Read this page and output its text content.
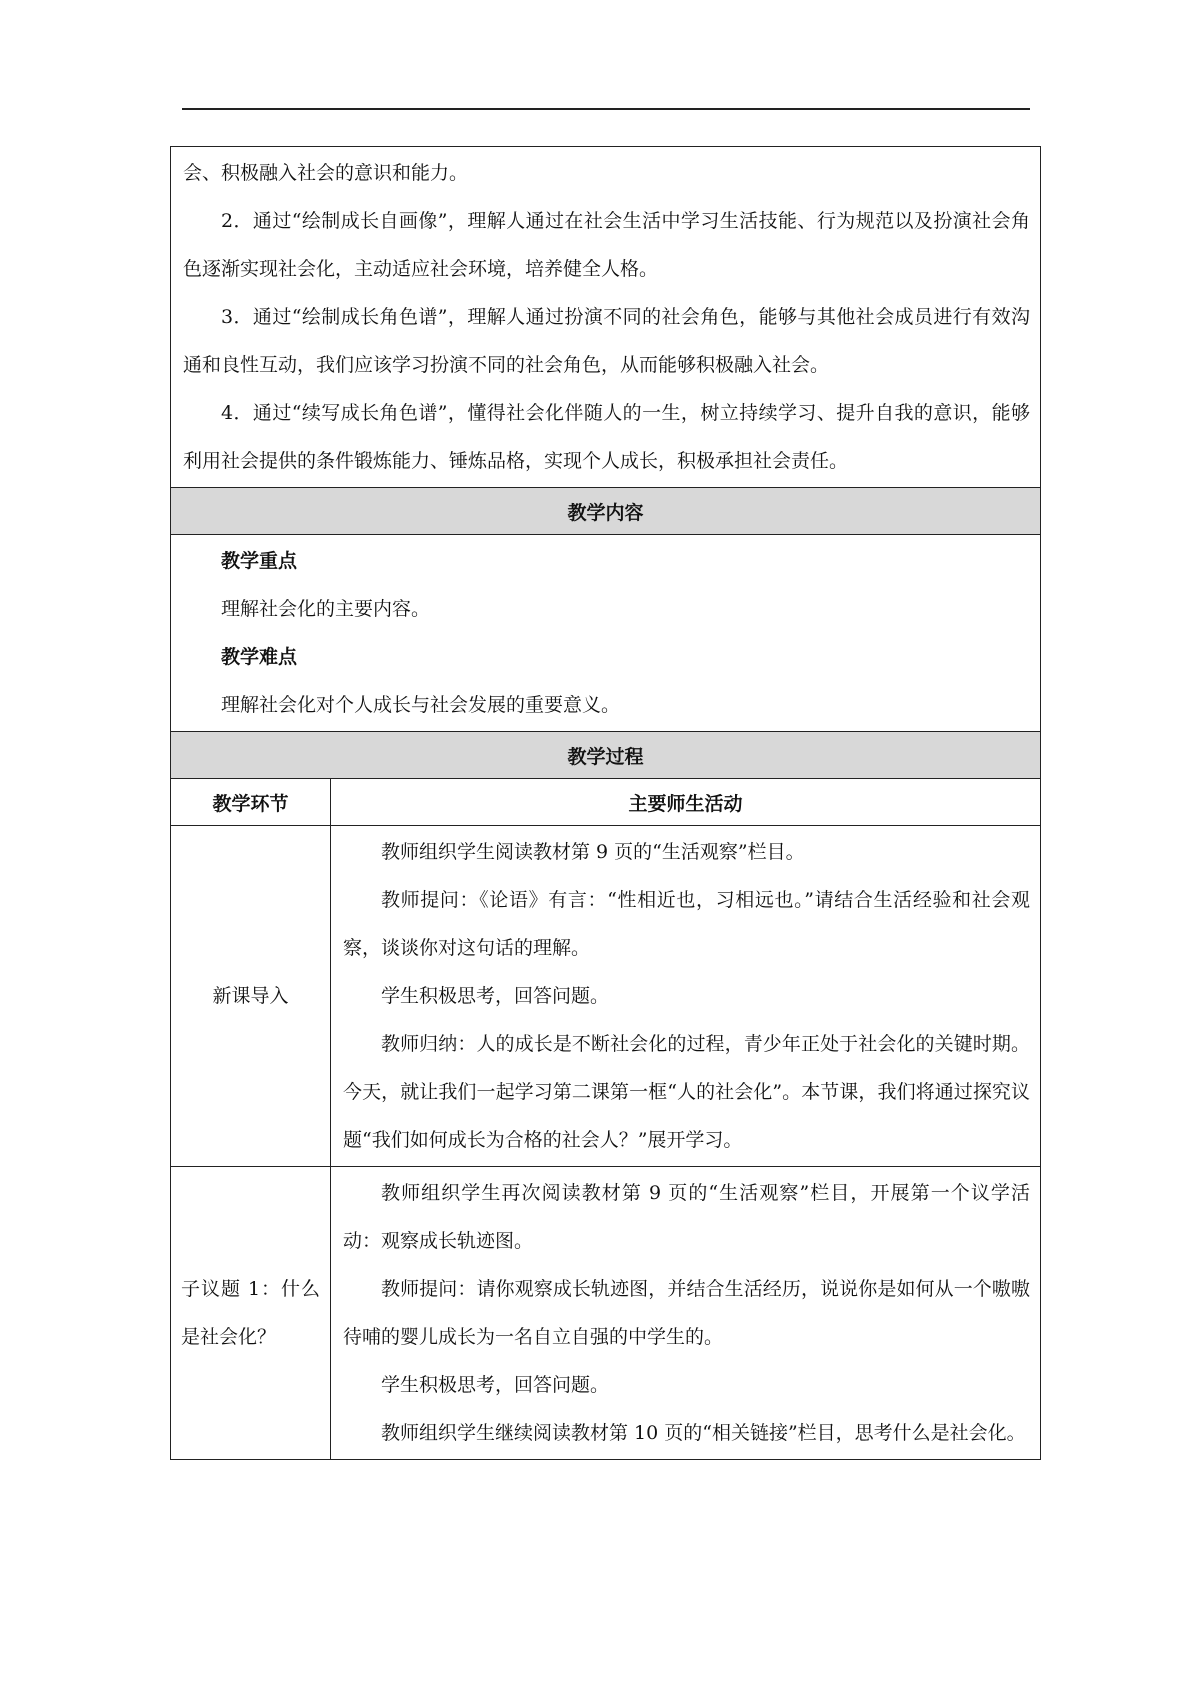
会、积极融入社会的意识和能力。

2．通过“绘制成长自画像”，理解人通过在社会生活中学习生活技能、行为规范以及扮演社会角色逐渐实现社会化，主动适应社会环境，培养健全人格。

3．通过“绘制成长角色谱”，理解人通过扮演不同的社会角色，能够与其他社会成员进行有效沟通和良性互动，我们应该学习扮演不同的社会角色，从而能够积极融入社会。

4．通过“续写成长角色谱”，懂得社会化伴随人的一生，树立持续学习、提升自我的意识，能够利用社会提供的条件锻炼能力、锤炼品格，实现个人成长，积极承担社会责任。	

教学内容	

教学重点

理解社会化的主要内容。

教学难点

理解社会化对个人成长与社会发展的重要意义。	

教学过程	
教学环节	主要师生活动
新课导入	教师组织学生阅读教材第 9 页的“生活观察”栏目。

教师提问：《论语》有言：“性相近也，习相远也。”请结合生活经验和社会观察，谈谈你对这句话的理解。

学生积极思考，回答问题。

教师归纳：人的成长是不断社会化的过程，青少年正处于社会化的关键时期。今天，就让我们一起学习第二课第一框“人的社会化”。本节课，我们将通过探究议题“我们如何成长为合格的社会人？”展开学习。

子议题 1：什么是社会化？	教师组织学生再次阅读教材第 9 页的“生活观察”栏目，开展第一个议学活动：观察成长轨迹图。

教师提问：请你观察成长轨迹图，并结合生活经历，说说你是如何从一个嗷嗷待哺的婴儿成长为一名自立自强的中学生的。

学生积极思考，回答问题。

教师组织学生继续阅读教材第 10 页的“相关链接”栏目，思考什么是社会化。
